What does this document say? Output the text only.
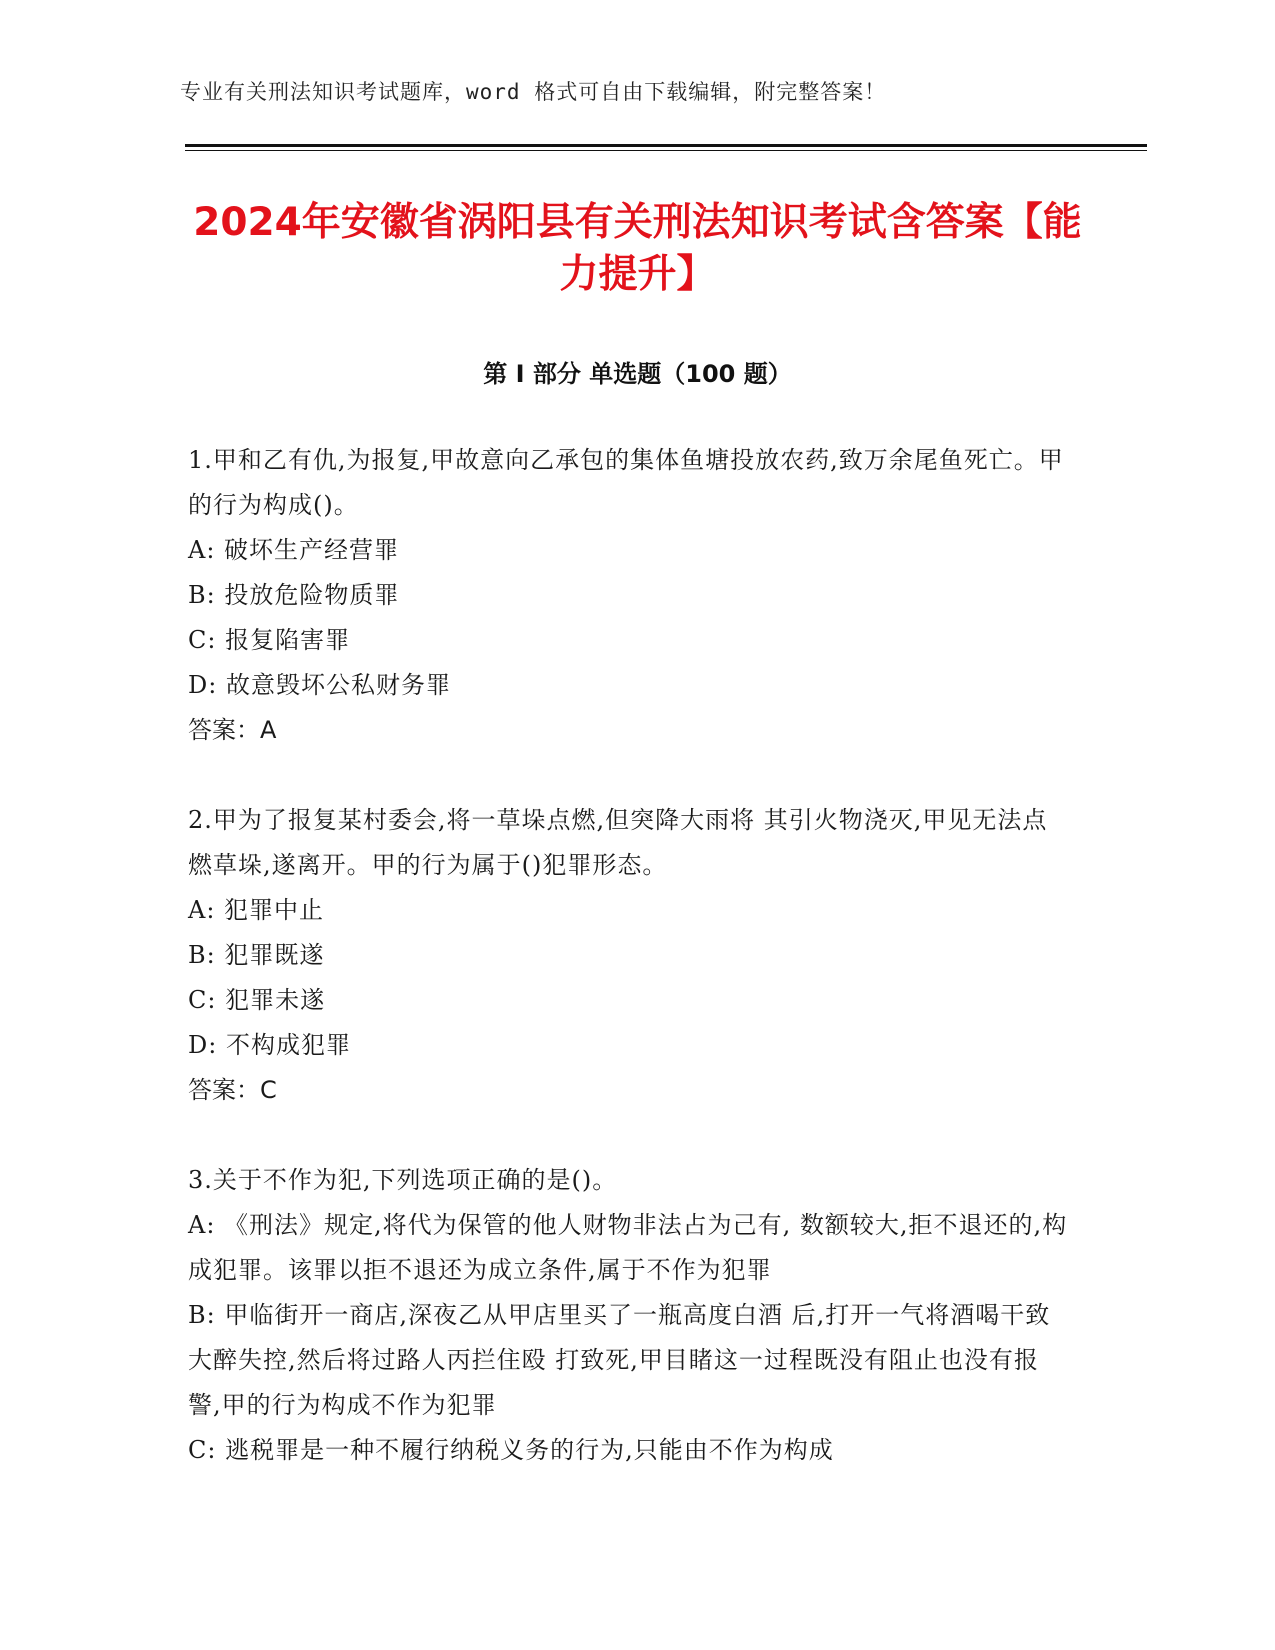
专业有关刑法知识考试题库，word 格式可自由下载编辑，附完整答案！
2024年安徽省涡阳县有关刑法知识考试含答案【能力提升】
第 I 部分 单选题（100 题）
1.甲和乙有仇,为报复,甲故意向乙承包的集体鱼塘投放农药,致万余尾鱼死亡。甲的行为构成()。
A: 破坏生产经营罪
B: 投放危险物质罪
C: 报复陷害罪
D: 故意毁坏公私财务罪
答案：A
2.甲为了报复某村委会,将一草垛点燃,但突降大雨将 其引火物浇灭,甲见无法点燃草垛,遂离开。甲的行为属于()犯罪形态。
A: 犯罪中止
B: 犯罪既遂
C: 犯罪未遂
D: 不构成犯罪
答案：C
3.关于不作为犯,下列选项正确的是()。
A: 《刑法》规定,将代为保管的他人财物非法占为己有, 数额较大,拒不退还的,构成犯罪。该罪以拒不退还为成立条件,属于不作为犯罪
B: 甲临街开一商店,深夜乙从甲店里买了一瓶高度白酒 后,打开一气将酒喝干致大醉失控,然后将过路人丙拦住殴 打致死,甲目睹这一过程既没有阻止也没有报警,甲的行为构成不作为犯罪
C: 逃税罪是一种不履行纳税义务的行为,只能由不作为构成
